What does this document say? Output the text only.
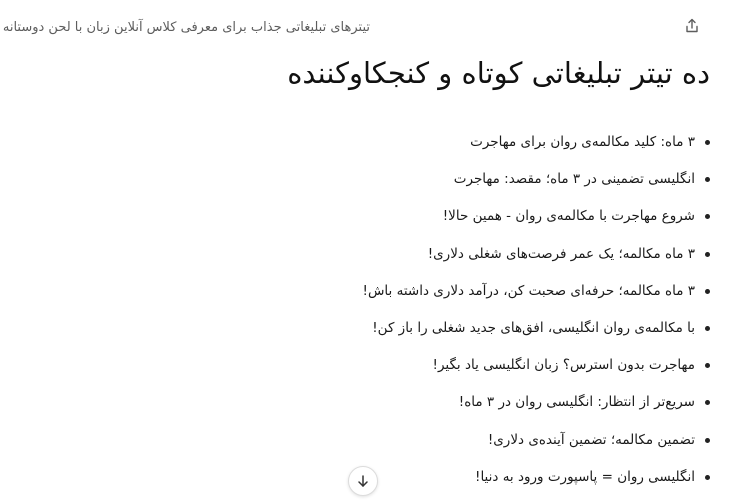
تیترهای تبلیغاتی جذاب برای معرفی کلاس آنلاین زبان با لحن دوستانه
ده تیتر تبلیغاتی کوتاه و کنجکاوکننده
۳ ماه: کلید مکالمه‌ی روان برای مهاجرت
انگلیسی تضمینی در ۳ ماه؛ مقصد: مهاجرت
شروع مهاجرت با مکالمه‌ی روان - همین حالا!
۳ ماه مکالمه؛ یک عمر فرصت‌های شغلی دلاری!
۳ ماه مکالمه؛ حرفه‌ای صحبت کن، درآمد دلاری داشته باش!
با مکالمه‌ی روان انگلیسی، افق‌های جدید شغلی را باز کن!
مهاجرت بدون استرس؟ زبان انگلیسی یاد بگیر!
سریع‌تر از انتظار: انگلیسی روان در ۳ ماه!
تضمین مکالمه؛ تضمین آینده‌ی دلاری!
انگلیسی روان = پاسپورت ورود به دنیا!
